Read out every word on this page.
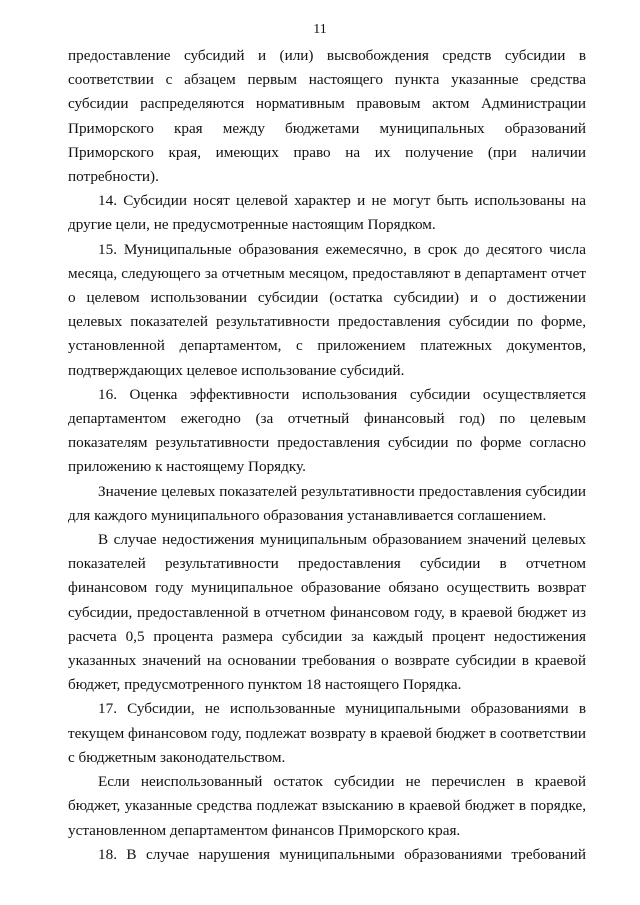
11

предоставление субсидий и (или) высвобождения средств субсидии в соответствии с абзацем первым настоящего пункта указанные средства субсидии распределяются нормативным правовым актом Администрации Приморского края между бюджетами муниципальных образований Приморского края, имеющих право на их получение (при наличии потребности).

14. Субсидии носят целевой характер и не могут быть использованы на другие цели, не предусмотренные настоящим Порядком.

15. Муниципальные образования ежемесячно, в срок до десятого числа месяца, следующего за отчетным месяцом, предоставляют в департамент отчет о целевом использовании субсидии (остатка субсидии) и о достижении целевых показателей результативности предоставления субсидии по форме, установленной департаментом, с приложением платежных документов, подтверждающих целевое использование субсидий.

16. Оценка эффективности использования субсидии осуществляется департаментом ежегодно (за отчетный финансовый год) по целевым показателям результативности предоставления субсидии по форме согласно приложению к настоящему Порядку.

Значение целевых показателей результативности предоставления субсидии для каждого муниципального образования устанавливается соглашением.

В случае недостижения муниципальным образованием значений целевых показателей результативности предоставления субсидии в отчетном финансовом году муниципальное образование обязано осуществить возврат субсидии, предоставленной в отчетном финансовом году, в краевой бюджет из расчета 0,5 процента размера субсидии за каждый процент недостижения указанных значений на основании требования о возврате субсидии в краевой бюджет, предусмотренного пунктом 18 настоящего Порядка.

17. Субсидии, не использованные муниципальными образованиями в текущем финансовом году, подлежат возврату в краевой бюджет в соответствии с бюджетным законодательством.

Если неиспользованный остаток субсидии не перечислен в краевой бюджет, указанные средства подлежат взысканию в краевой бюджет в порядке, установленном департаментом финансов Приморского края.

18. В случае нарушения муниципальными образованиями требований
